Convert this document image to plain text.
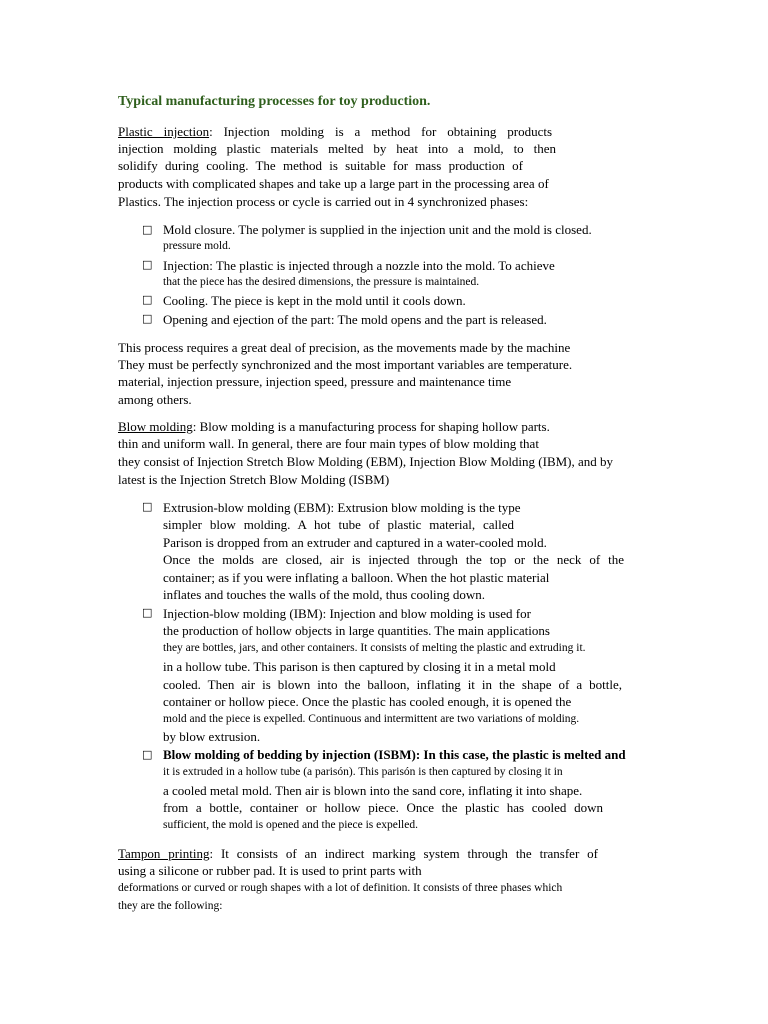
Typical manufacturing processes for toy production.

Plastic injection: Injection molding is a method for obtaining products
injection molding plastic materials melted by heat into a mold, to then
solidify during cooling. The method is suitable for mass production of
products with complicated shapes and take up a large part in the processing area of
Plastics. The injection process or cycle is carried out in 4 synchronized phases:
□ Mold closure. The polymer is supplied in the injection unit and the mold is closed.
pressure mold.
□ Injection: The plastic is injected through a nozzle into the mold. To achieve
that the piece has the desired dimensions, the pressure is maintained.
□ Cooling. The piece is kept in the mold until it cools down.
□ Opening and ejection of the part: The mold opens and the part is released.
This process requires a great deal of precision, as the movements made by the machine
They must be perfectly synchronized and the most important variables are temperature.
material, injection pressure, injection speed, pressure and maintenance time
among others.
Blow molding: Blow molding is a manufacturing process for shaping hollow parts.
thin and uniform wall. In general, there are four main types of blow molding that
they consist of Injection Stretch Blow Molding (EBM), Injection Blow Molding (IBM), and by
latest is the Injection Stretch Blow Molding (ISBM)
□ Extrusion-blow molding (EBM): Extrusion blow molding is the type
simpler blow molding. A hot tube of plastic material, called
Parison is dropped from an extruder and captured in a water-cooled mold.
Once the molds are closed, air is injected through the top or the neck of the
container; as if you were inflating a balloon. When the hot plastic material
inflates and touches the walls of the mold, thus cooling down.
□ Injection-blow molding (IBM): Injection and blow molding is used for
the production of hollow objects in large quantities. The main applications
they are bottles, jars, and other containers. It consists of melting the plastic and extruding it.
in a hollow tube. This parison is then captured by closing it in a metal mold
cooled. Then air is blown into the balloon, inflating it in the shape of a bottle,
container or hollow piece. Once the plastic has cooled enough, it is opened the
mold and the piece is expelled. Continuous and intermittent are two variations of molding.
by blow extrusion.
□ Blow molding of bedding by injection (ISBM): In this case, the plastic is melted and
it is extruded in a hollow tube (a parisón). This parisón is then captured by closing it in
a cooled metal mold. Then air is blown into the sand core, inflating it into shape.
from a bottle, container or hollow piece. Once the plastic has cooled down
sufficient, the mold is opened and the piece is expelled.
Tampon printing: It consists of an indirect marking system through the transfer of
using a silicone or rubber pad. It is used to print parts with
deformations or curved or rough shapes with a lot of definition. It consists of three phases which
they are the following:
